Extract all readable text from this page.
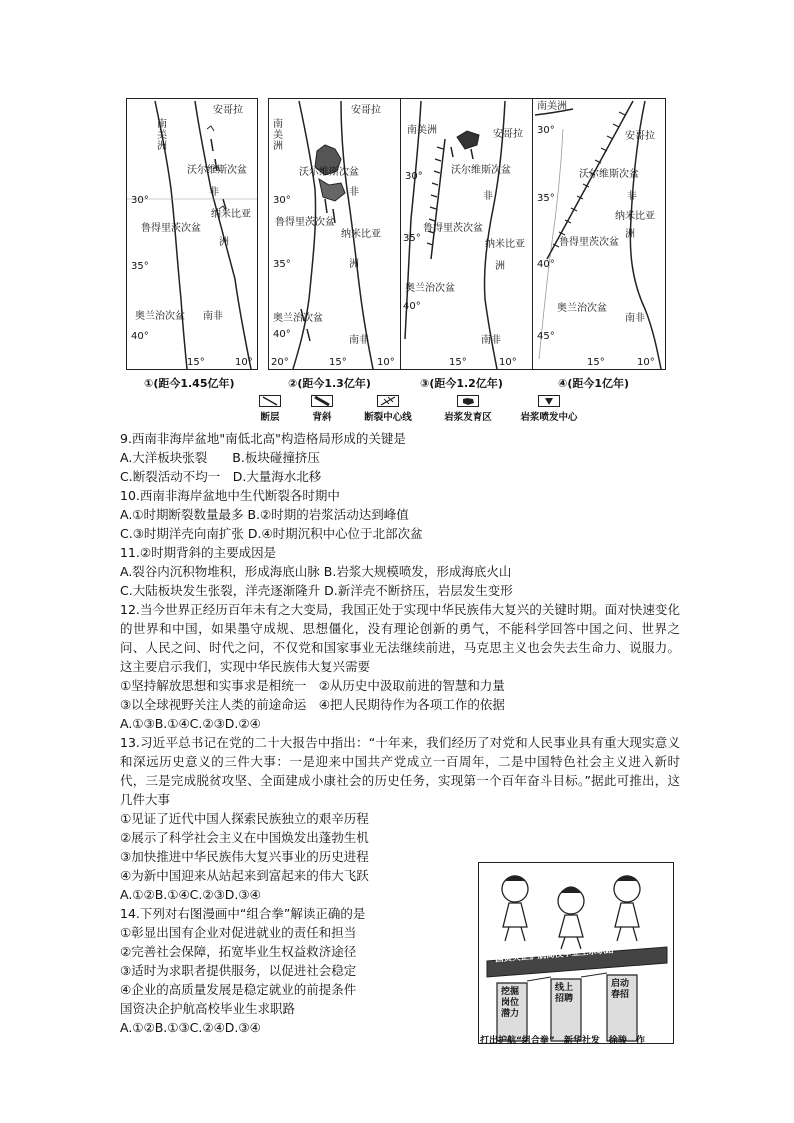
南
美
洲
安哥拉
沃尔维斯次盆
非
30°
纳米比亚
鲁得里茨次盆
洲
35°
奥兰治次盆 南非
40°
15°	10°
南
美
洲
安哥拉
沃尔维斯次盆
非
30°
纳米比亚
鲁得里茨次盆
洲
35°
奥兰治次盆
南非
40°
20°	15°	10°
南美洲	安哥拉
沃尔维斯次盆
非
30°
纳米比亚
鲁得里茨次盆
洲
35°
奥兰治次盆
南非
40°
15°	10°
南美洲
安哥拉
沃尔维斯次盆
非
30°
纳米比亚
鲁得里茨次盆
洲
35°
40°
奥兰治次盆
南非
45°
15°	10°
①(距今1.45亿年)	②(距今1.3亿年)	③(距今1.2亿年)	④(距今1亿年)
断层	背斜	断裂中心线	岩浆发育区	岩浆喷发中心
9.西南非海岸盆地"南低北高"构造格局形成的关键是
A.大洋板块张裂　　B.板块碰撞挤压
C.断裂活动不均一　D.大量海水北移
10.西南非海岸盆地中生代断裂各时期中
A.①时期断裂数量最多 B.②时期的岩浆活动达到峰值
C.③时期洋壳向南扩张 D.④时期沉积中心位于北部次盆
11.②时期背斜的主要成因是
A.裂谷内沉积物堆积，形成海底山脉 B.岩浆大规模喷发，形成海底火山
C.大陆板块发生张裂，洋壳逐渐隆升 D.新洋壳不断挤压，岩层发生变形
12.当今世界正经历百年未有之大变局，我国正处于实现中华民族伟大复兴的关键时期。面对快速变化的世界和中国，如果墨守成规、思想僵化，没有理论创新的勇气，不能科学回答中国之问、世界之问、人民之问、时代之问，不仅党和国家事业无法继续前进，马克思主义也会失去生命力、说服力。这主要启示我们，实现中华民族伟大复兴需要
①坚持解放思想和实事求是相统一　②从历史中汲取前进的智慧和力量
③以全球视野关注人类的前途命运　④把人民期待作为各项工作的依据
A.①③B.①④C.②③D.②④
13.习近平总书记在党的二十大报告中指出：“十年来，我们经历了对党和人民事业具有重大现实意义和深远历史意义的三件大事：一是迎来中国共产党成立一百周年，二是中国特色社会主义进入新时代，三是完成脱贫攻坚、全面建成小康社会的历史任务，实现第一个百年奋斗目标。”据此可推出，这几件大事
①见证了近代中国人探索民族独立的艰辛历程
②展示了科学社会主义在中国焕发出蓬勃生机
③加快推进中华民族伟大复兴事业的历史进程
④为新中国迎来从站起来到富起来的伟大飞跃
A.①②B.①④C.②③D.③④
14.下列对右图漫画中“组合拳”解读正确的是
①彰显出国有企业对促进就业的责任和担当
②完善社会保障，拓宽毕业生权益救济途径
③适时为求职者提供服务，以促进社会稳定
④企业的高质量发展是稳定就业的前提条件
国资决企护航高校毕业生求职路
A.①②B.①③C.②④D.③④
国资央企护航高校毕业生求职路
挖掘岗位潜力
线上招聘
启动春招
打出护航“组合拳”　新华社发　徐骏　作
